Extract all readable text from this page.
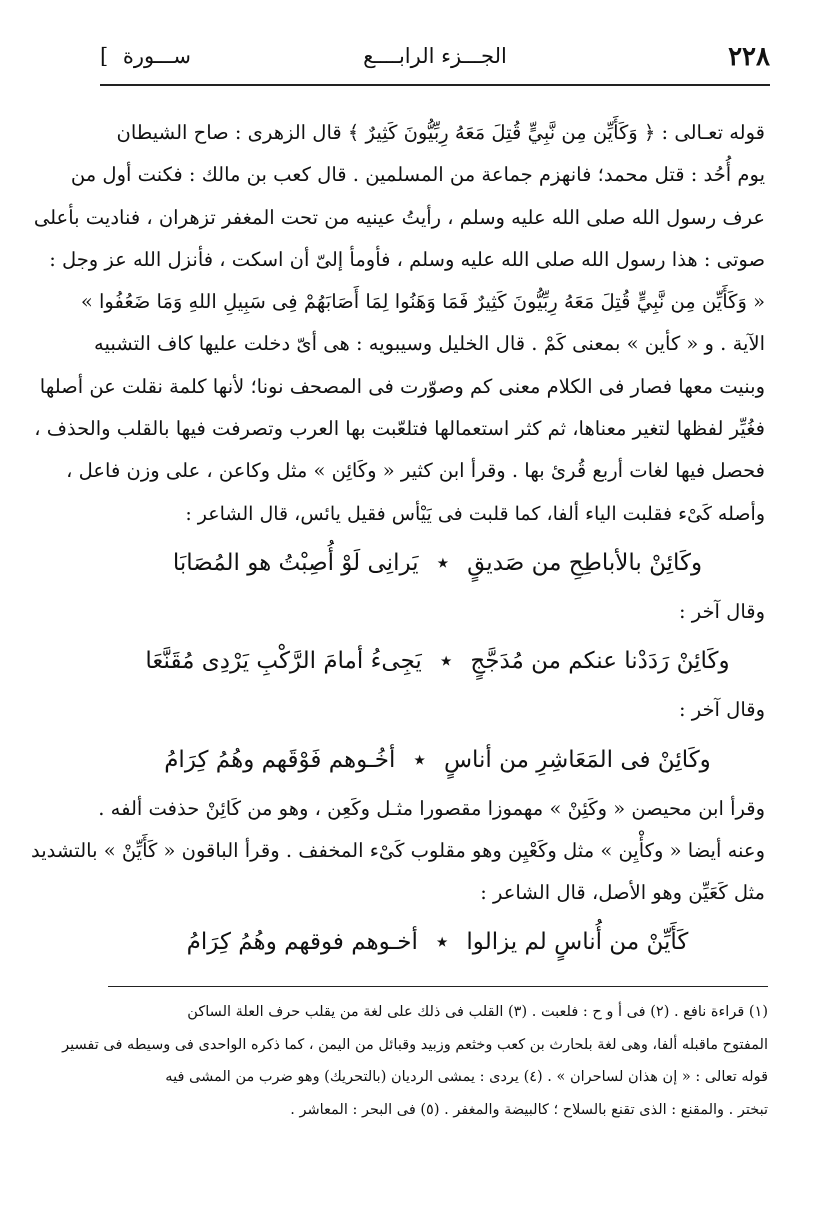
٢٢٨
الجـــزء الرابــــع
ســـورة ]
قوله تعـالى : ﴿ وَكَأَيِّن مِن نَّبِيٍّ قُتِلَ مَعَهُ رِبِّيُّونَ كَثِيرٌ ﴾ قال الزهرى : صاح الشيطان
يوم أُحُد : قتل محمد؛ فانهزم جماعة من المسلمين . قال كعب بن مالك : فكنت أول من
عرف رسول الله صلى الله عليه وسلم ، رأيتُ عينيه من تحت المغفر تزهران ، فناديت بأعلى
صوتى : هذا رسول الله صلى الله عليه وسلم ، فأومأ إلىّ أن اسكت ، فأنزل الله عز وجل :
« وَكَأَيِّن مِن نَّبِيٍّ قُتِلَ مَعَهُ رِبِّيُّونَ كَثِيرٌ فَمَا وَهَنُوا لِمَا أَصَابَهُمْ فِى سَبِيلِ اللهِ وَمَا ضَعُفُوا »
الآية . و « كأين » بمعنى كَمْ . قال الخليل وسيبويه : هى أىّ دخلت عليها كاف التشبيه
وبنيت معها فصار فى الكلام معنى كم وصوّرت فى المصحف نونا؛ لأنها كلمة نقلت عن أصلها
فغُيِّر لفظها لتغير معناها، ثم كثر استعمالها فتلعّبت بها العرب وتصرفت فيها بالقلب والحذف ،
فحصل فيها لغات أربع قُرئ بها . وقرأ ابن كثير « وكَائِن » مثل وكاعن ، على وزن فاعل ،
وأصله كَىْء فقلبت الياء ألفا، كما قلبت فى يَيْأس فقيل يائس، قال الشاعر :
وكَائِنْ بالأباطِحِ من صَديقٍ٭يَرانِى لَوْ أُصِبْتُ هو المُصَابَا
وقال آخر :
وكَائِنْ رَدَدْنا عنكم من مُدَجَّجٍ٭يَجِىءُ أمامَ الرَّكْبِ يَرْدِى مُقَنَّعَا
وقال آخر :
وكَائِنْ فى المَعَاشِرِ من أناسٍ٭أخُـوهم فَوْقَهم وهُمُ كِرَامُ
وقرأ ابن محيصن « وكَئِنْ » مهموزا مقصورا مثـل وكَعِن ، وهو من كَائِنْ حذفت ألفه .
وعنه أيضا « وكأْيِن » مثل وكَعْيِن وهو مقلوب كَىْء المخفف . وقرأ الباقون « كَأَيِّنْ » بالتشديد
مثل كَعَيِّن وهو الأصل، قال الشاعر :
كَأَيِّنْ من أُناسٍ لم يزالوا٭أخـوهم فوقهم وهُمُ كِرَامُ
(١) قراءة نافع . (٢) فى أ و ح : فلعبت . (٣) القلب فى ذلك على لغة من يقلب حرف العلة الساكن
المفتوح ماقبله ألفا، وهى لغة بلحارث بن كعب وخثعم وزبيد وقبائل من اليمن ، كما ذكره الواحدى فى وسيطه فى تفسير
قوله تعالى : « إن هذان لساحران » . (٤) يردى : يمشى الرديان (بالتحريك) وهو ضرب من المشى فيه
تبختر . والمقنع : الذى تقنع بالسلاح ؛ كالبيضة والمغفر . (٥) فى البحر : المعاشر .
